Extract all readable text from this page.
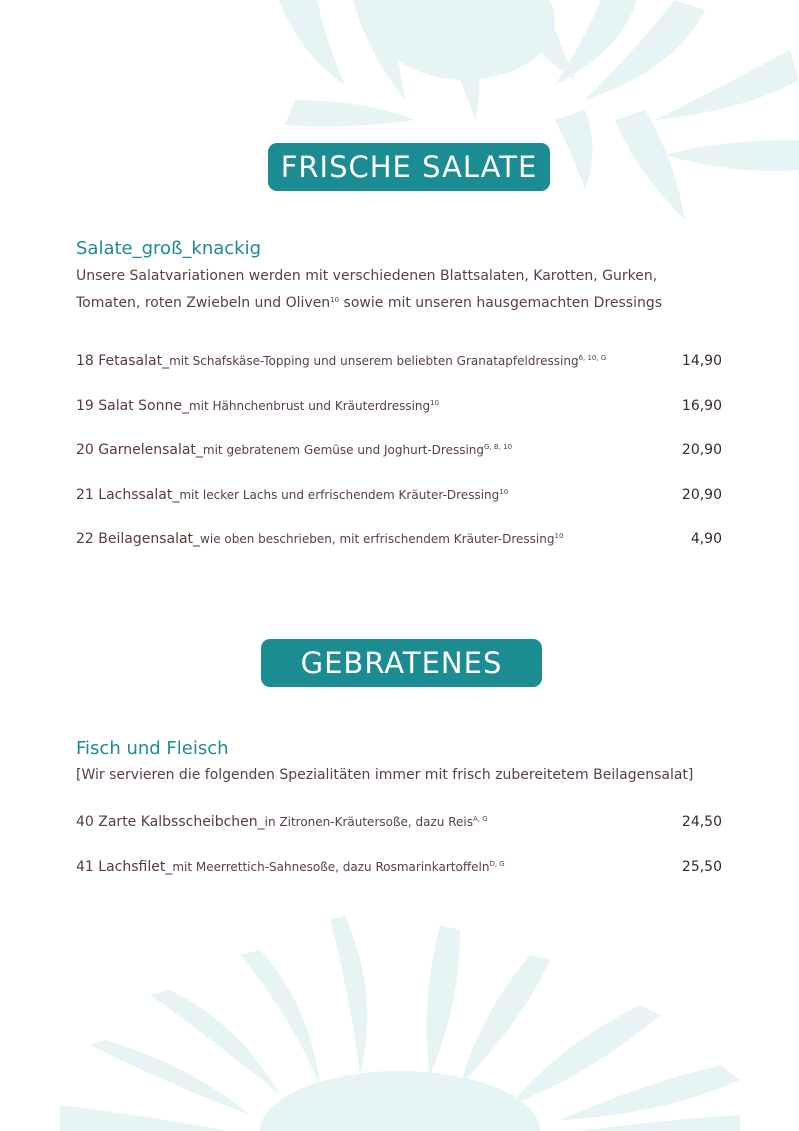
FRISCHE SALATE
Salate_groß_knackig
Unsere Salatvariationen werden mit verschiedenen Blattsalaten, Karotten, Gurken,
Tomaten, roten Zwiebeln und Oliven$^{10}$ sowie mit unseren hausgemachten Dressings
18 Fetasalat_mit Schafskäse-Topping und unserem beliebten Granatapfeldressing$^{6, 10, G}$	14,90
19 Salat Sonne_mit Hähnchenbrust und Kräuterdressing$^{10}$	16,90
20 Garnelensalat_mit gebratenem Gemüse und Joghurt-Dressing$^{G, B, 10}$	20,90
21 Lachssalat_mit lecker Lachs und erfrischendem Kräuter-Dressing$^{10}$	20,90
22 Beilagensalat_wie oben beschrieben, mit erfrischendem Kräuter-Dressing$^{10}$	4,90
GEBRATENES
Fisch und Fleisch
[Wir servieren die folgenden Spezialitäten immer mit frisch zubereitetem Beilagensalat]
40 Zarte Kalbsscheibchen_in Zitronen-Kräutersoße, dazu Reis$^{A, G}$	24,50
41 Lachsfilet_mit Meerrettich-Sahnesoße, dazu Rosmarinkartoffeln$^{D, G}$	25,50
